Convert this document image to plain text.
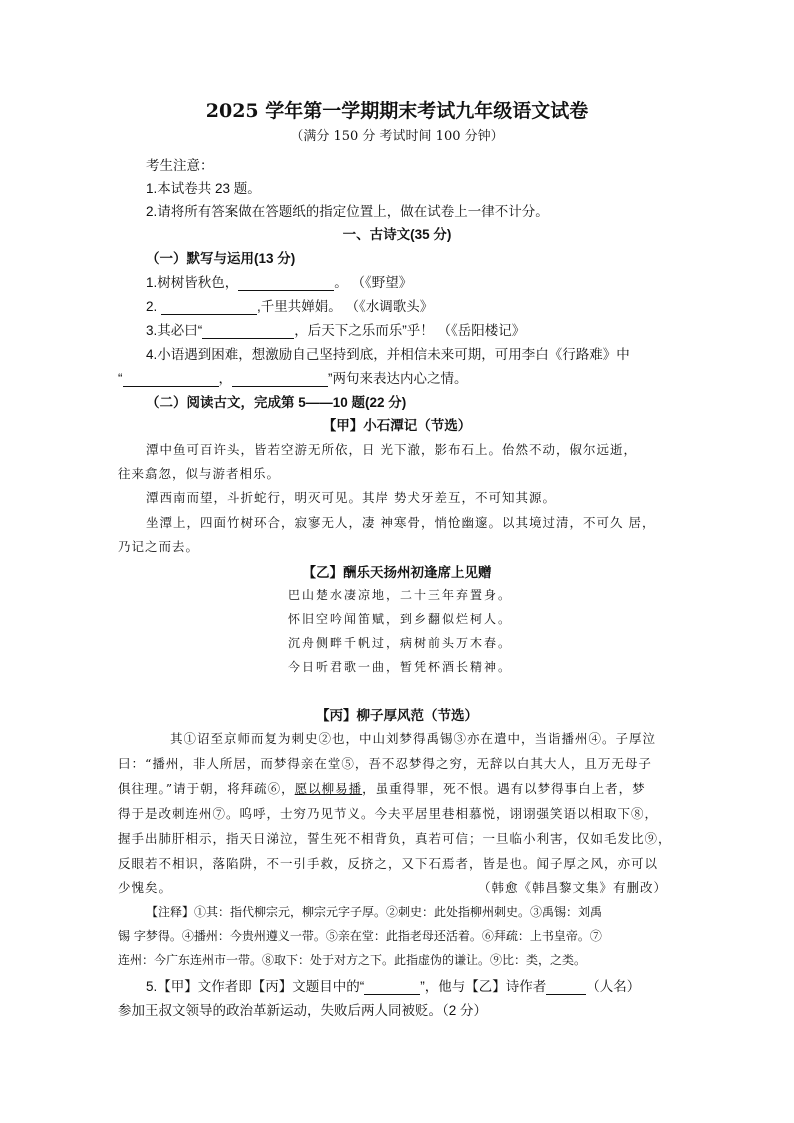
2025 学年第一学期期末考试九年级语文试卷
（满分 150 分 考试时间 100 分钟）
考生注意：
1.本试卷共 23 题。
2.请将所有答案做在答题纸的指定位置上，做在试卷上一律不计分。
一、古诗文(35 分)
（一）默写与运用(13 分)
1.树树皆秋色，	。 （《野望》
2.	,千里共婵娟。 （《水调歌头》
3.其必曰“	，后天下之乐而乐”乎！ （《岳阳楼记》
4.小语遇到困难，想激励自己坚持到底，并相信未来可期，可用李白《行路难》中
“	，	”两句来表达内心之情。
（二）阅读古文，完成第 5——10 题(22 分)
【甲】小石潭记（节选）
潭中鱼可百许头，皆若空游无所依，日 光下澈，影布石上。佁然不动，俶尔远逝，
往来翕忽，似与游者相乐。
潭西南而望，斗折蛇行，明灭可见。其岸 势犬牙差互，不可知其源。
坐潭上，四面竹树环合，寂寥无人，凄 神寒骨，悄怆幽邃。以其境过清，不可久 居，
乃记之而去。
【乙】酬乐天扬州初逢席上见赠
巴山楚水凄凉地，二十三年弃置身。
怀旧空吟闻笛赋，到乡翻似烂柯人。
沉舟侧畔千帆过，病树前头万木春。
今日听君歌一曲，暂凭杯酒长精神。
【丙】柳子厚风范（节选）
其①诏至京师而复为刺史②也，中山刘梦得禹锡③亦在遣中，当诣播州④。子厚泣
曰：“播州，非人所居，而梦得亲在堂⑤，吾不忍梦得之穷，无辞以白其大人，且万无母子
俱往理。”请于朝，将拜疏⑥，愿以柳易播，虽重得罪，死不恨。遇有以梦得事白上者，梦
得于是改刺连州⑦。呜呼，士穷乃见节义。今夫平居里巷相慕悦，诩诩强笑语以相取下⑧，
握手出肺肝相示，指天日涕泣，誓生死不相背负，真若可信；一旦临小利害，仅如毛发比⑨，
反眼若不相识，落陷阱，不一引手救，反挤之，又下石焉者，皆是也。闻子厚之风，亦可以
少愧矣。	（韩愈《韩昌黎文集》有删改）
【注释】①其：指代柳宗元，柳宗元字子厚。②刺史：此处指柳州刺史。③禹锡：刘禹
锡 字梦得。④播州：今贵州遵义一带。⑤亲在堂：此指老母还活着。⑥拜疏：上书皇帝。⑦
连州：今广东连州市一带。⑧取下：处于对方之下。此指虚伪的谦让。⑨比：类，之类。
5.【甲】文作者即【丙】文题目中的“	”，他与【乙】诗作者	（人名）
参加王叔文领导的政治革新运动，失败后两人同被贬。（2 分）
